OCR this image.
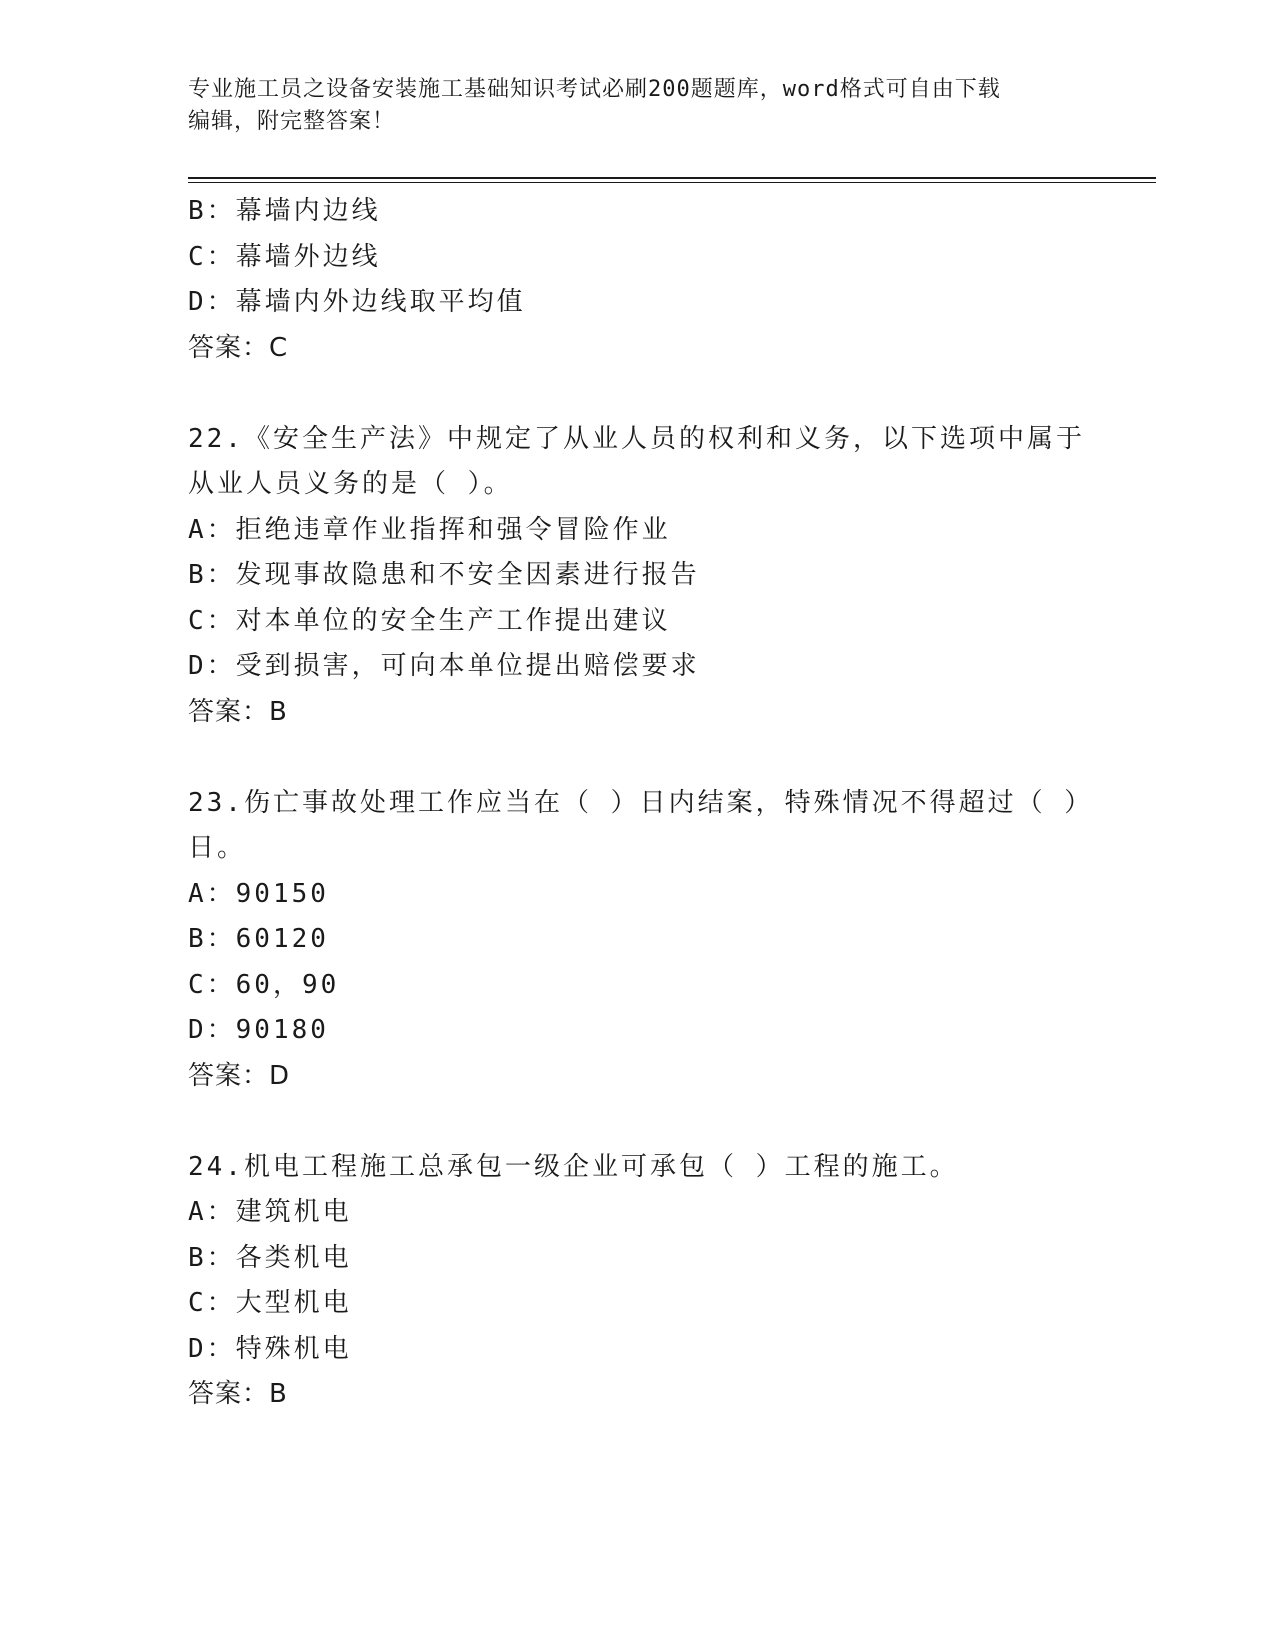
专业施工员之设备安装施工基础知识考试必刷200题题库，word格式可自由下载
编辑，附完整答案！
B：幕墙内边线
C：幕墙外边线
D：幕墙内外边线取平均值
答案：C
22.《安全生产法》中规定了从业人员的权利和义务，以下选项中属于
从业人员义务的是（ ）。
A：拒绝违章作业指挥和强令冒险作业
B：发现事故隐患和不安全因素进行报告
C：对本单位的安全生产工作提出建议
D：受到损害，可向本单位提出赔偿要求
答案：B
23.伤亡事故处理工作应当在（ ）日内结案，特殊情况不得超过（ ）
日。
A：90150
B：60120
C：60，90
D：90180
答案：D
24.机电工程施工总承包一级企业可承包（ ）工程的施工。
A：建筑机电
B：各类机电
C：大型机电
D：特殊机电
答案：B
